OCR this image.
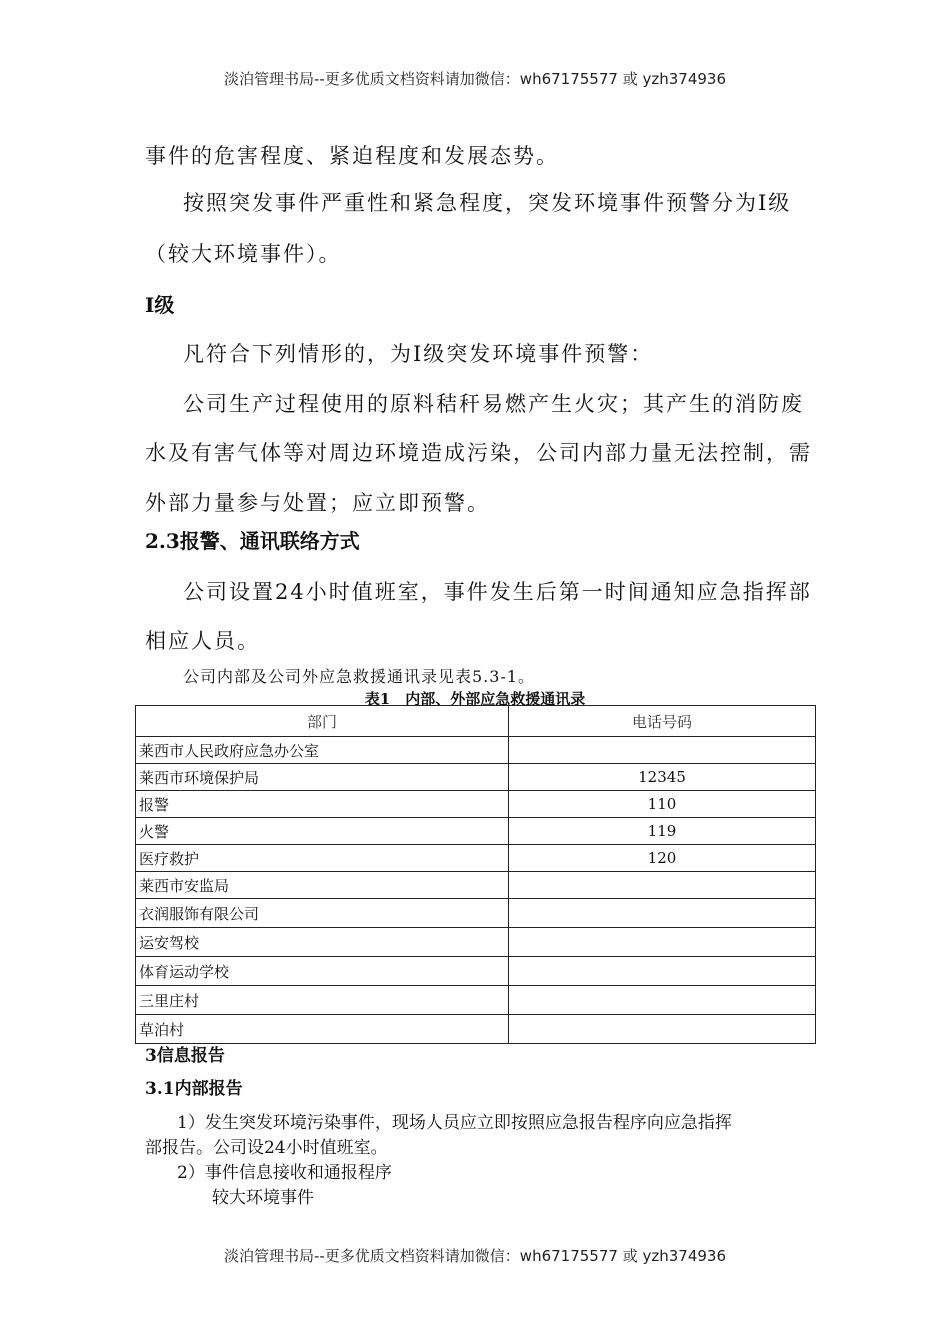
淡泊管理书局--更多优质文档资料请加微信：wh67175577 或 yzh374936
事件的危害程度、紧迫程度和发展态势。
按照突发事件严重性和紧急程度，突发环境事件预警分为Ⅰ级
（较大环境事件）。
Ⅰ级
凡符合下列情形的，为Ⅰ级突发环境事件预警：
公司生产过程使用的原料秸秆易燃产生火灾；其产生的消防废
水及有害气体等对周边环境造成污染，公司内部力量无法控制，需
外部力量参与处置；应立即预警。
2.3报警、通讯联络方式
公司设置24小时值班室，事件发生后第一时间通知应急指挥部
相应人员。
公司内部及公司外应急救援通讯录见表5.3-1。
表1　内部、外部应急救援通讯录
部门	电话号码
莱西市人民政府应急办公室	
莱西市环境保护局	12345
报警	110
火警	119
医疗救护	120
莱西市安监局	
衣润服饰有限公司	
运安驾校	
体育运动学校	
三里庄村	
草泊村	
3信息报告
3.1内部报告
1）发生突发环境污染事件，现场人员应立即按照应急报告程序向应急指挥
部报告。公司设24小时值班室。
2）事件信息接收和通报程序
较大环境事件
淡泊管理书局--更多优质文档资料请加微信：wh67175577 或 yzh374936
